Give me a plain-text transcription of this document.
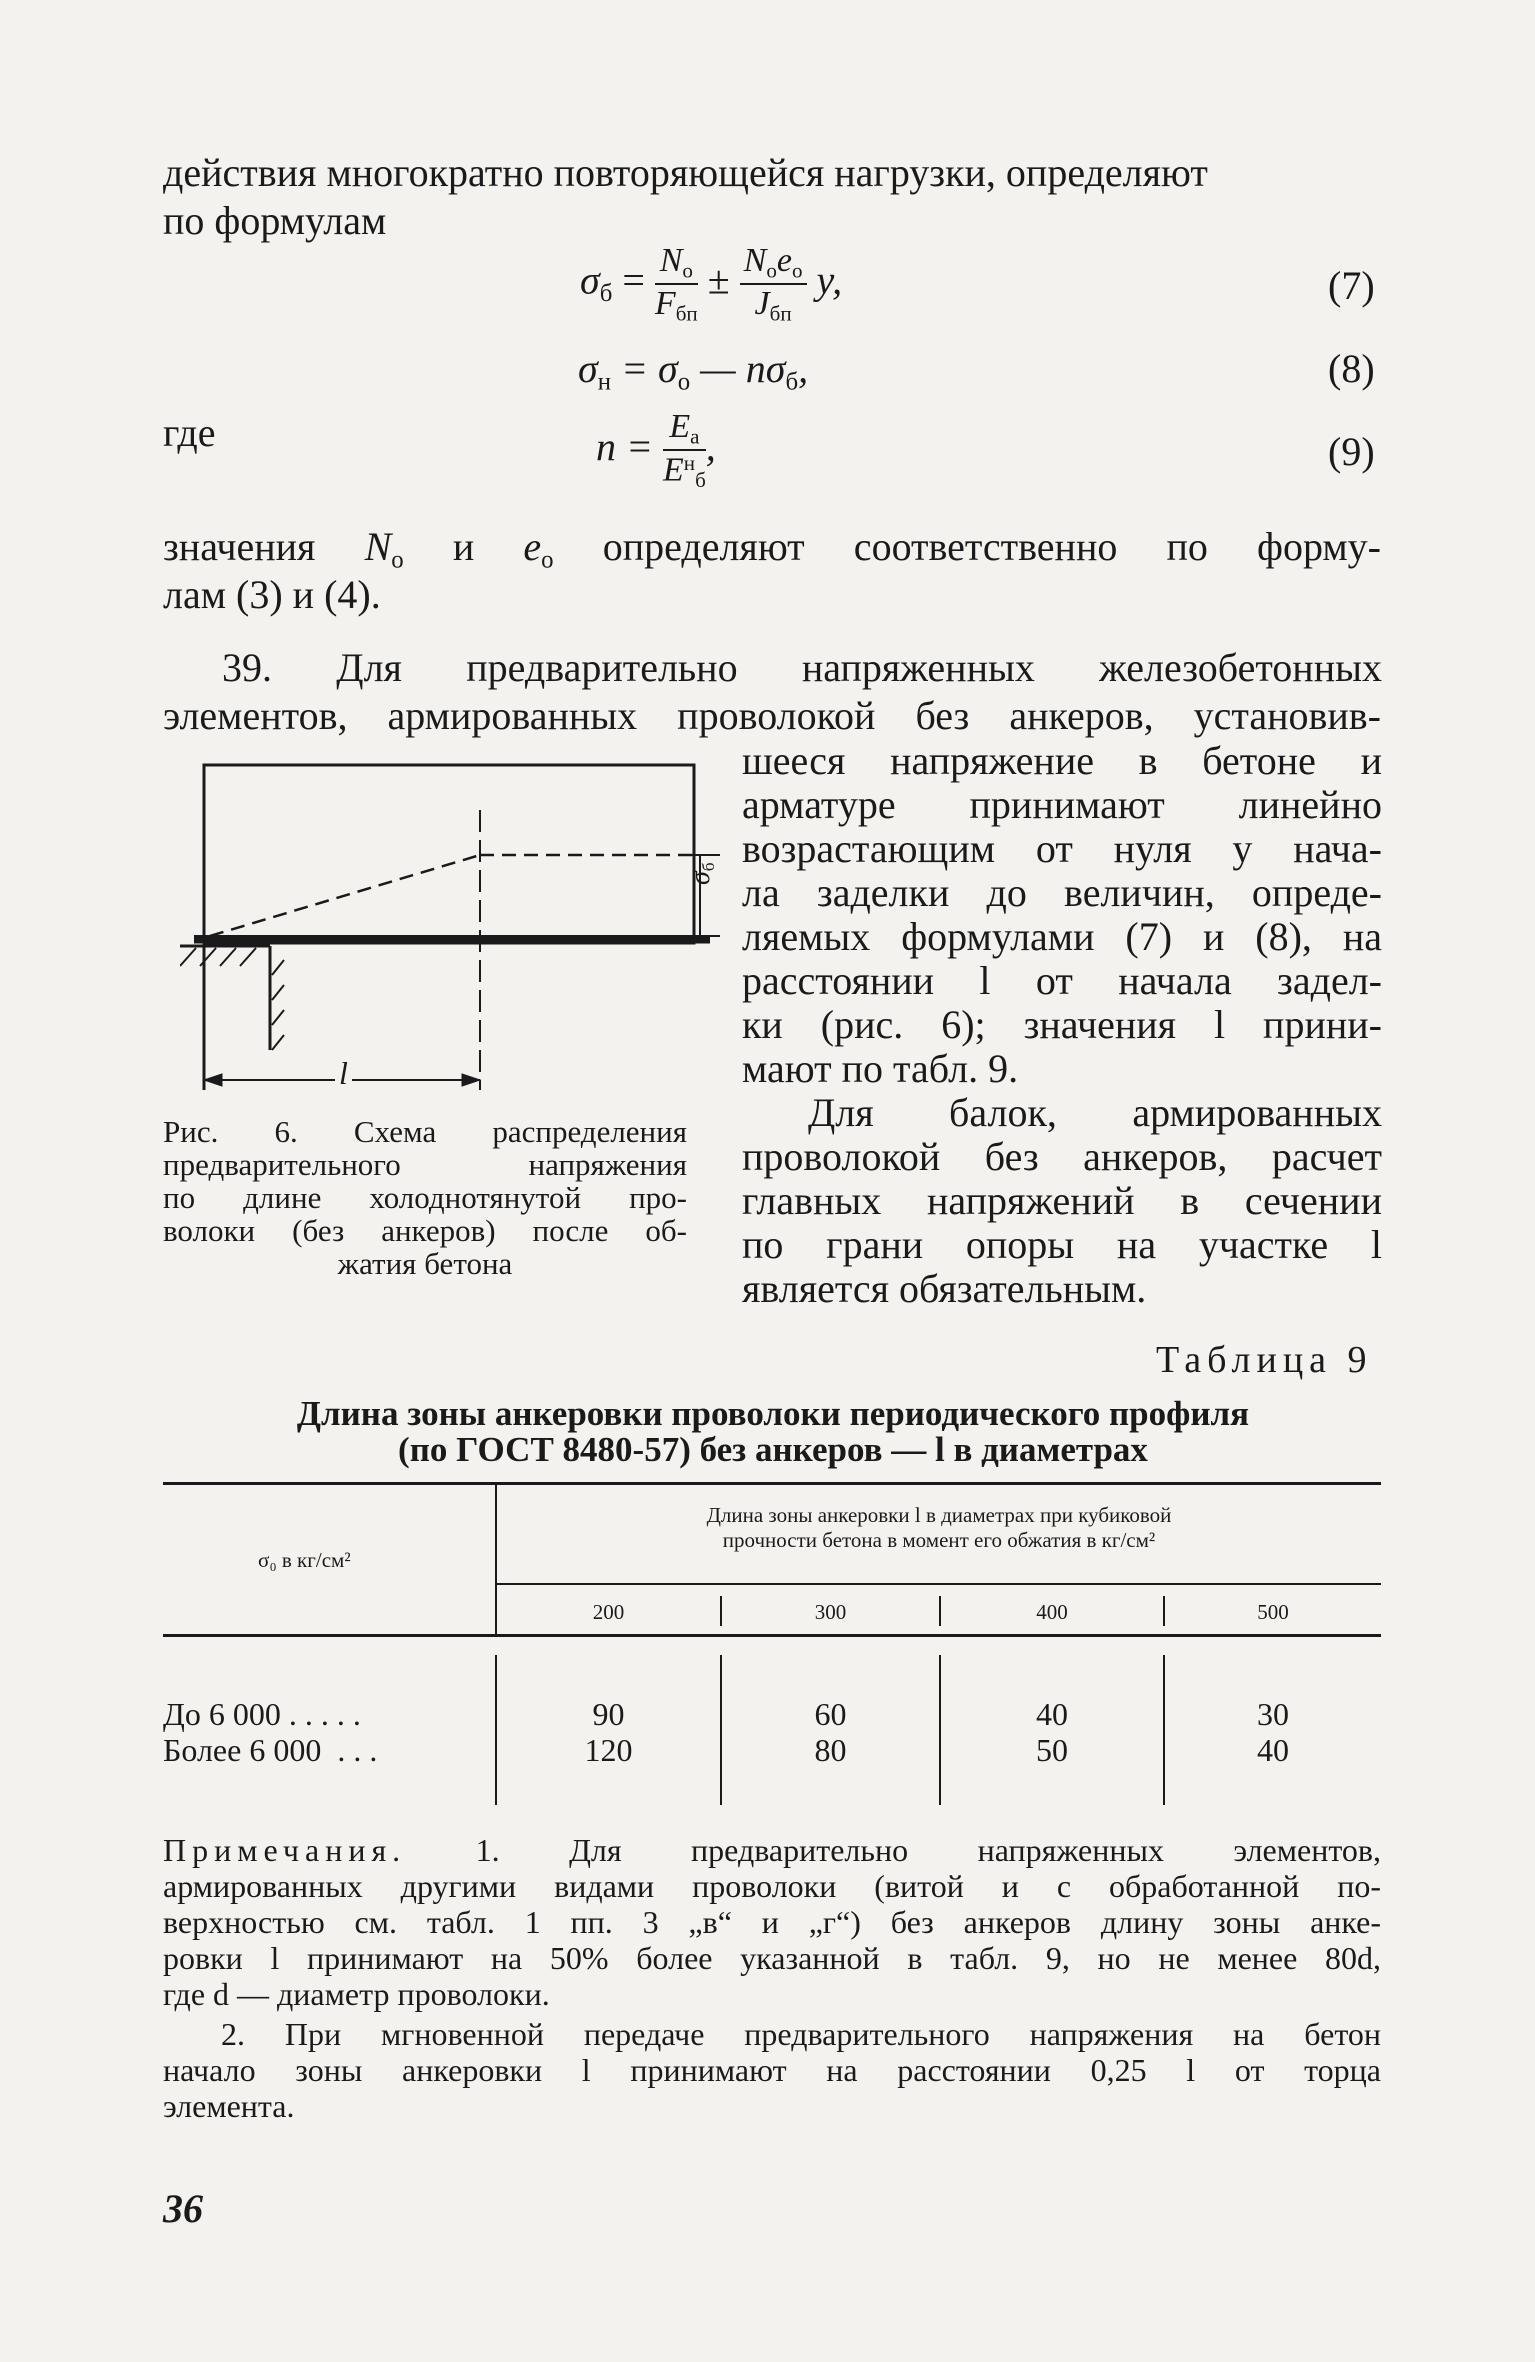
действия многократно повторяющейся нагрузки, определяют
по формулам
$\sigma_б = \frac{N_о}{F_{бп}} \pm \frac{N_оe_о}{J_{бп}} y$,	(7)
$\sigma_н = \sigma_о$ — $n\sigma_б$,	(8)
где	$n = \frac{E_а}{E^н_б}$ ,	(9)
значения $N_о$ и $e_о$ определяют соответственно по форму-
лам (3) и (4).
39. Для предварительно напряженных железобетонных
элементов, армированных проволокой без анкеров, установив-
шееся напряжение в бетоне и
арматуре принимают линейно
возрастающим от нуля у нача-
ла заделки до величин, опреде-
ляемых формулами (7) и (8), на
расстоянии l от начала задел-
ки (рис. 6); значения l прини-
мают по табл. 9.
Для балок, армированных
проволокой без анкеров, расчет
главных напряжений в сечении
по грани опоры на участке l
является обязательным.
l
$\sigma_б$
Рис. 6. Схема распределения
предварительного напряжения
по длине холоднотянутой про-
волоки (без анкеров) после об-
жатия бетона
Таблица 9
Длина зоны анкеровки проволоки периодического профиля
(по ГОСТ 8480-57) без анкеров — l в диаметрах
σ₀ в кг/см²
Длина зоны анкеровки l в диаметрах при кубиковой
прочности бетона в момент его обжатия в кг/см²
200	300	400	500
До 6 000 . . . . .	90	60	40	30
Более 6 000  . . .	120	80	50	40
Примечания. 1. Для предварительно напряженных элементов,
армированных другими видами проволоки (витой и с обработанной по-
верхностью см. табл. 1 пп. 3 „в“ и „г“) без анкеров длину зоны анке-
ровки l принимают на 50% более указанной в табл. 9, но не менее 80d,
где d — диаметр проволоки.
2. При мгновенной передаче предварительного напряжения на бетон
начало зоны анкеровки l принимают на расстоянии 0,25 l от торца
элемента.
36
